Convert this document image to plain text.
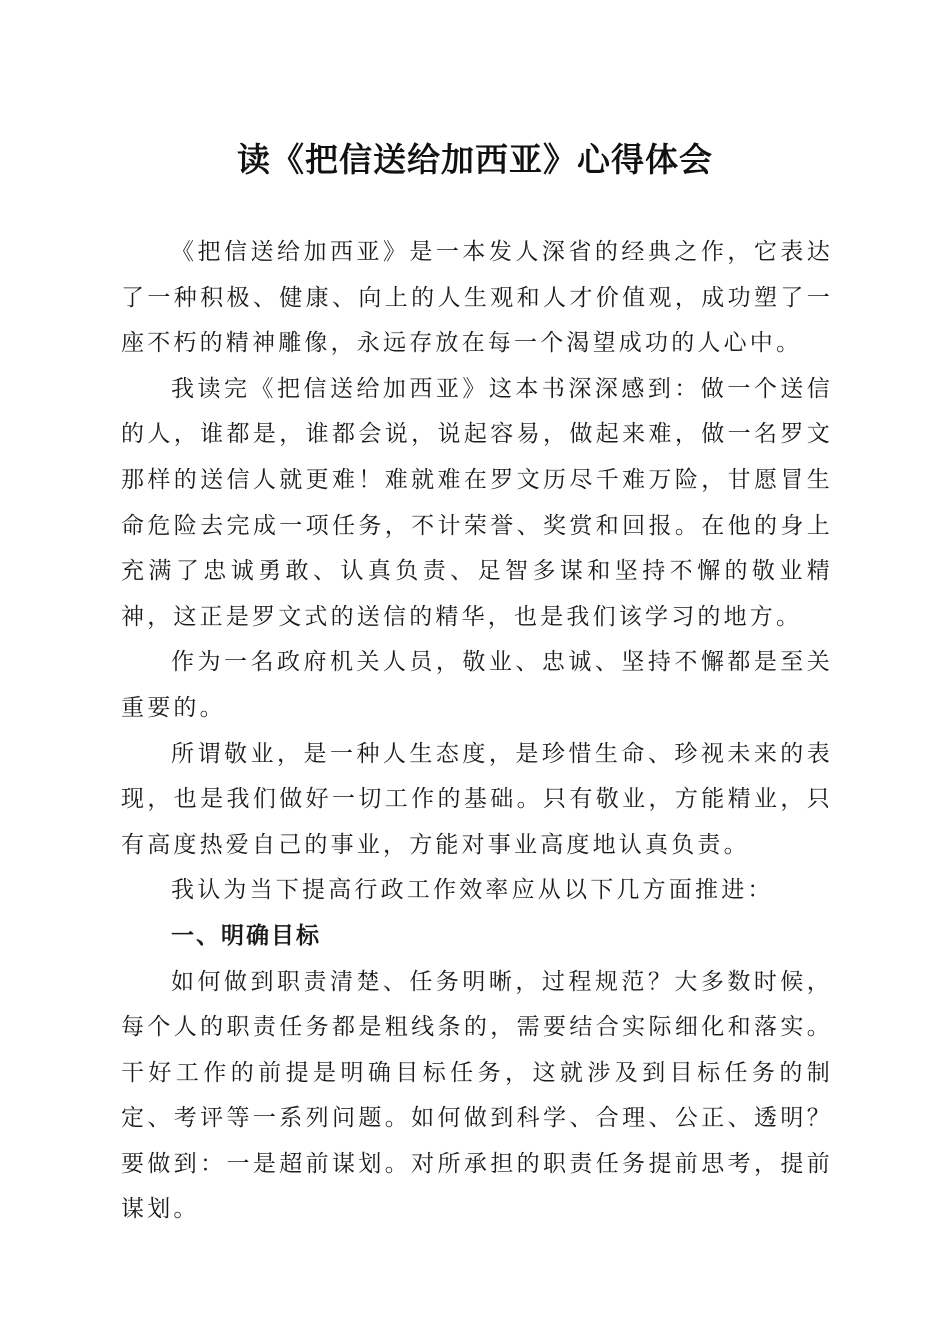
读《把信送给加西亚》心得体会

《把信送给加西亚》是一本发人深省的经典之作，它表达了一种积极、健康、向上的人生观和人才价值观，成功塑了一座不朽的精神雕像，永远存放在每一个渴望成功的人心中。

我读完《把信送给加西亚》这本书深深感到：做一个送信的人，谁都是，谁都会说，说起容易，做起来难，做一名罗文那样的送信人就更难！难就难在罗文历尽千难万险，甘愿冒生命危险去完成一项任务，不计荣誉、奖赏和回报。在他的身上充满了忠诚勇敢、认真负责、足智多谋和坚持不懈的敬业精神，这正是罗文式的送信的精华，也是我们该学习的地方。

作为一名政府机关人员，敬业、忠诚、坚持不懈都是至关重要的。

所谓敬业，是一种人生态度，是珍惜生命、珍视未来的表现，也是我们做好一切工作的基础。只有敬业，方能精业，只有高度热爱自己的事业，方能对事业高度地认真负责。

我认为当下提高行政工作效率应从以下几方面推进：

一、明确目标

如何做到职责清楚、任务明晰，过程规范？大多数时候，每个人的职责任务都是粗线条的，需要结合实际细化和落实。干好工作的前提是明确目标任务，这就涉及到目标任务的制定、考评等一系列问题。如何做到科学、合理、公正、透明？要做到：一是超前谋划。对所承担的职责任务提前思考，提前谋划。
